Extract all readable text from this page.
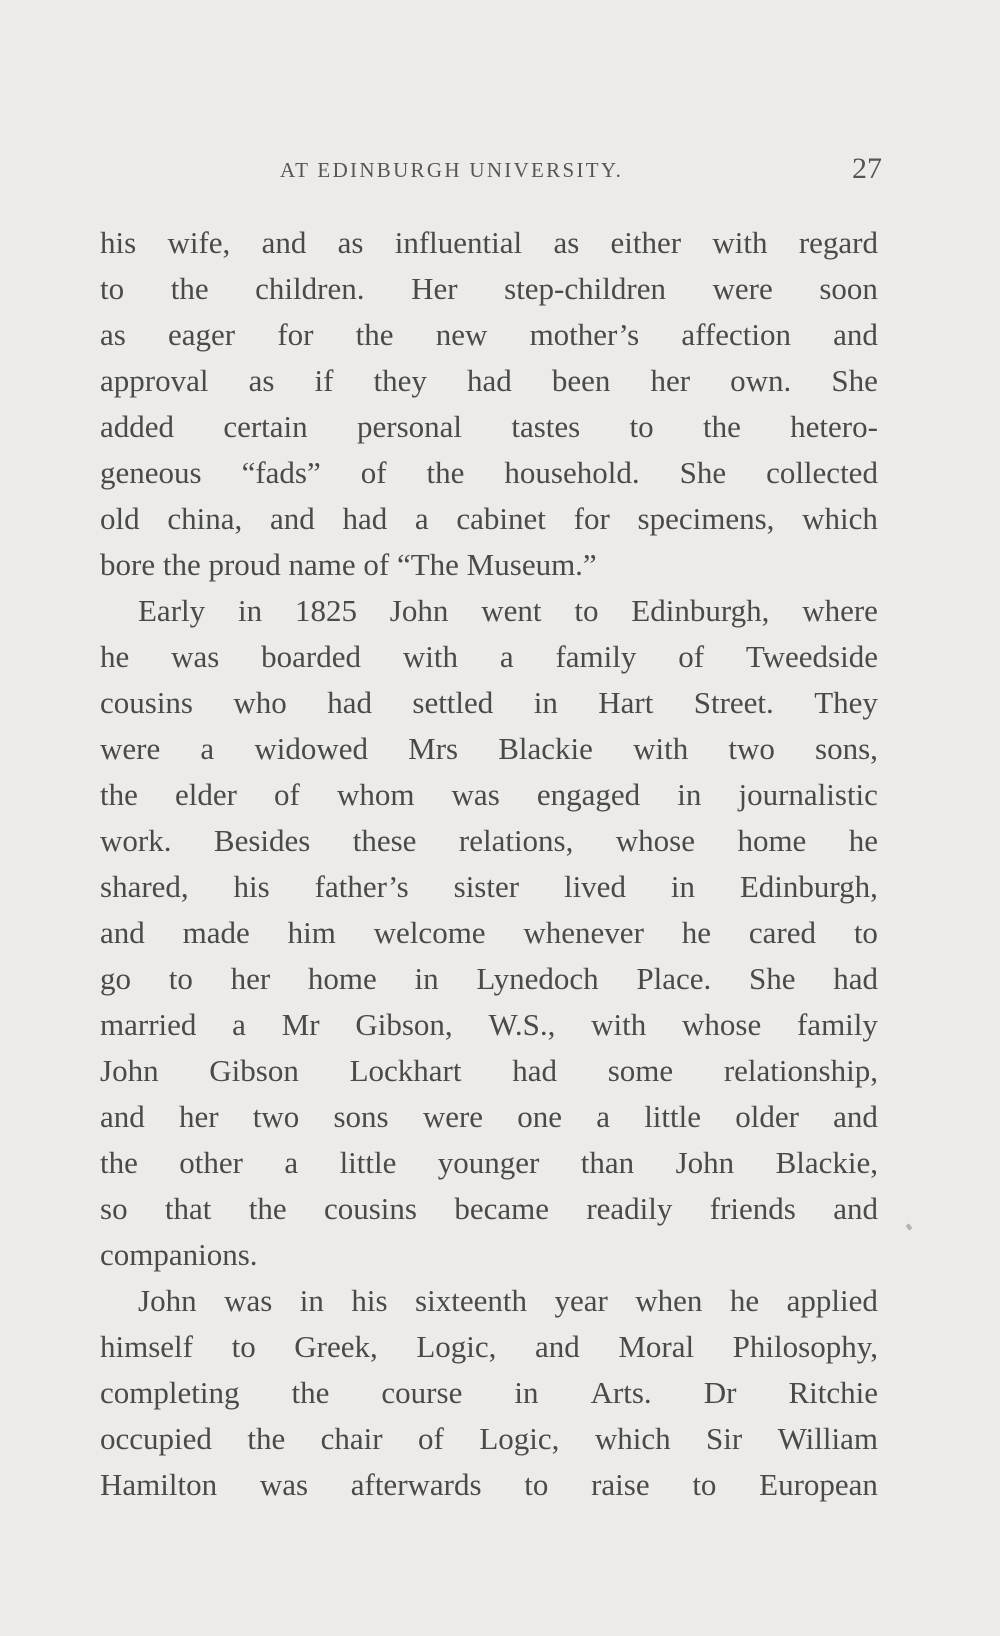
AT EDINBURGH UNIVERSITY.	27
his wife, and as influential as either with regard
to the children. Her step-children were soon
as eager for the new mother’s affection and
approval as if they had been her own. She
added certain personal tastes to the hetero-
geneous “fads” of the household. She collected
old china, and had a cabinet for specimens, which
bore the proud name of “The Museum.”
Early in 1825 John went to Edinburgh, where
he was boarded with a family of Tweedside
cousins who had settled in Hart Street. They
were a widowed Mrs Blackie with two sons,
the elder of whom was engaged in journalistic
work. Besides these relations, whose home he
shared, his father’s sister lived in Edinburgh,
and made him welcome whenever he cared to
go to her home in Lynedoch Place. She had
married a Mr Gibson, W.S., with whose family
John Gibson Lockhart had some relationship,
and her two sons were one a little older and
the other a little younger than John Blackie,
so that the cousins became readily friends and
companions.
John was in his sixteenth year when he applied
himself to Greek, Logic, and Moral Philosophy,
completing the course in Arts. Dr Ritchie
occupied the chair of Logic, which Sir William
Hamilton was afterwards to raise to European
